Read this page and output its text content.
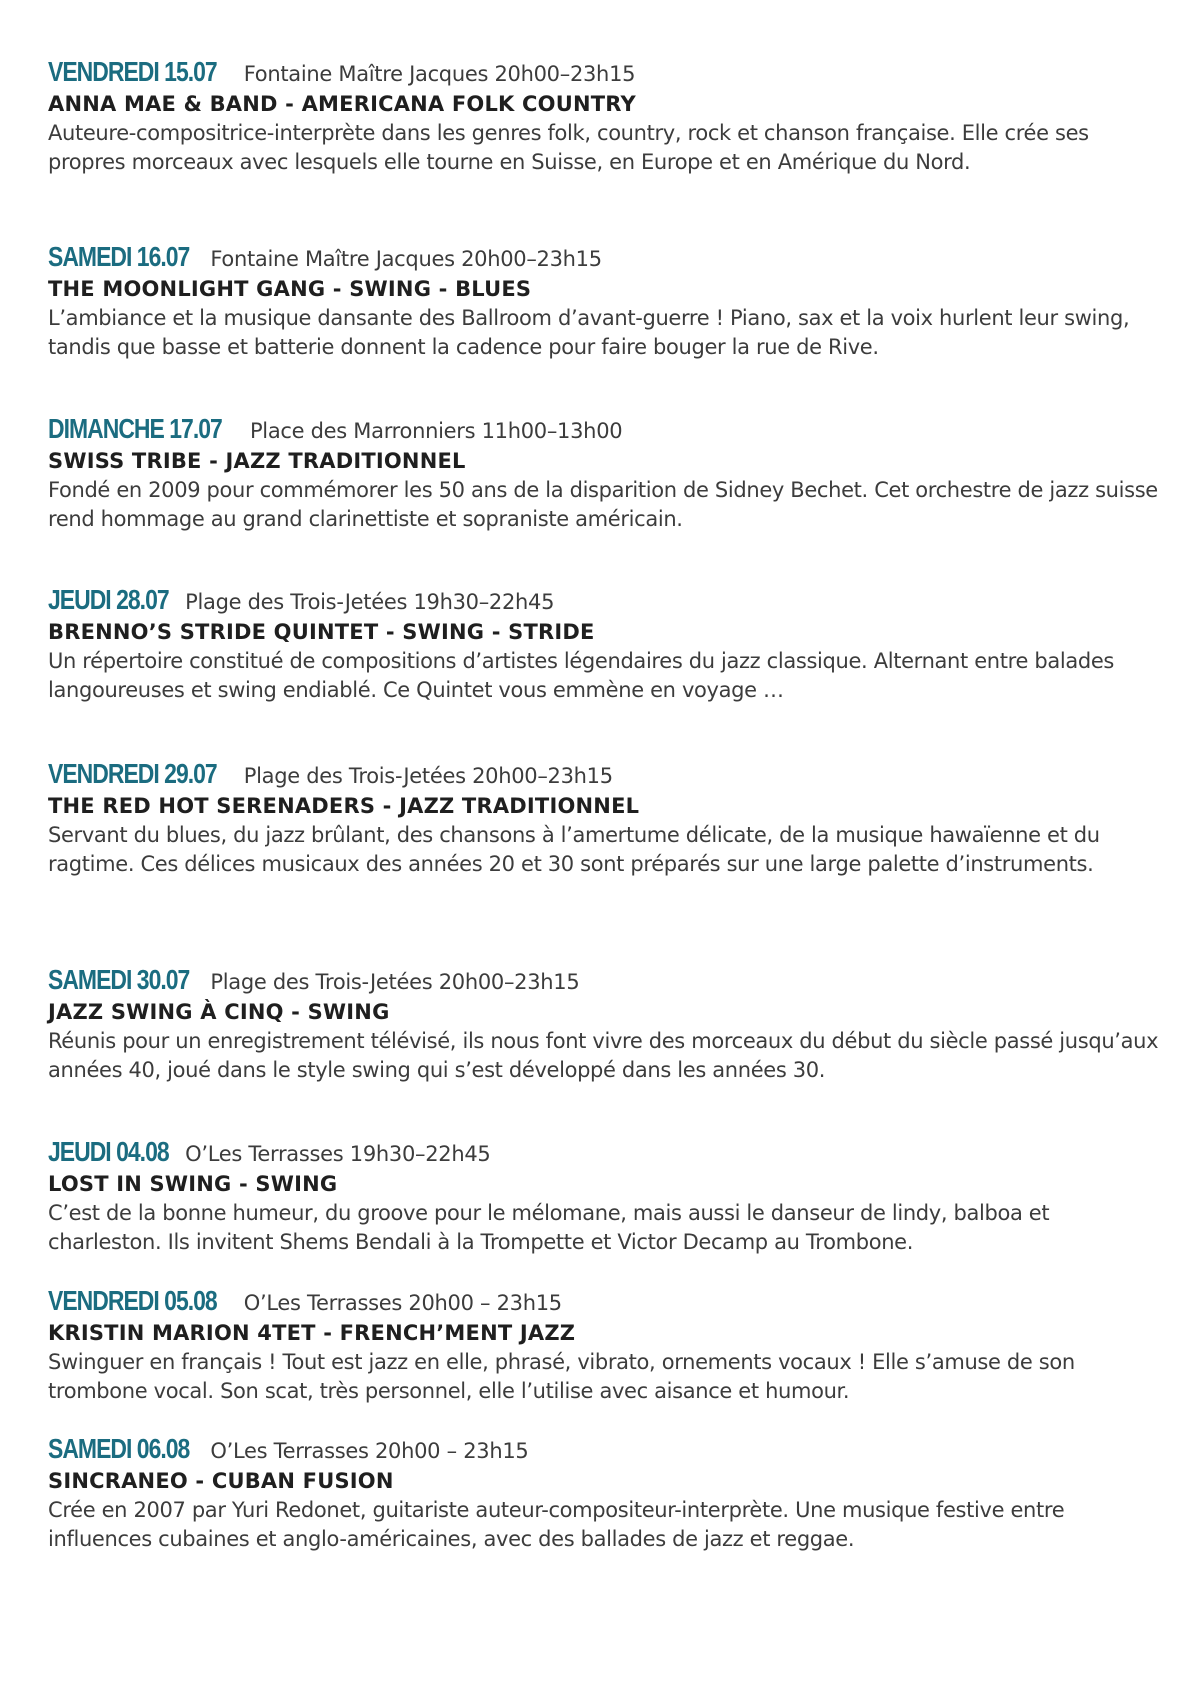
VENDREDI 15.07 Fontaine Maître Jacques 20h00–23h15

ANNA MAE & BAND - AMERICANA FOLK COUNTRY

Auteure-compositrice-interprète dans les genres folk, country, rock et chanson française. Elle crée ses propres morceaux avec lesquels elle tourne en Suisse, en Europe et en Amérique du Nord.

SAMEDI 16.07 Fontaine Maître Jacques 20h00–23h15

THE MOONLIGHT GANG - SWING - BLUES

L’ambiance et la musique dansante des Ballroom d’avant-guerre ! Piano, sax et la voix hurlent leur swing, tandis que basse et batterie donnent la cadence pour faire bouger la rue de Rive.

DIMANCHE 17.07 Place des Marronniers 11h00–13h00

SWISS TRIBE - JAZZ TRADITIONNEL

Fondé en 2009 pour commémorer les 50 ans de la disparition de Sidney Bechet. Cet orchestre de jazz suisse rend hommage au grand clarinettiste et sopraniste américain.

JEUDI 28.07 Plage des Trois-Jetées 19h30–22h45

BRENNO’S STRIDE QUINTET - SWING - STRIDE

Un répertoire constitué de compositions d’artistes légendaires du jazz classique. Alternant entre balades langoureuses et swing endiablé. Ce Quintet vous emmène en voyage …

VENDREDI 29.07 Plage des Trois-Jetées 20h00–23h15

THE RED HOT SERENADERS - JAZZ TRADITIONNEL

Servant du blues, du jazz brûlant, des chansons à l’amertume délicate, de la musique hawaïenne et du ragtime. Ces délices musicaux des années 20 et 30 sont préparés sur une large palette d’instruments.

SAMEDI 30.07 Plage des Trois-Jetées 20h00–23h15

JAZZ SWING À CINQ - SWING

Réunis pour un enregistrement télévisé, ils nous font vivre des morceaux du début du siècle passé jusqu’aux années 40, joué dans le style swing qui s’est développé dans les années 30.

JEUDI 04.08 O’Les Terrasses 19h30–22h45

LOST IN SWING - SWING

C’est de la bonne humeur, du groove pour le mélomane, mais aussi le danseur de lindy, balboa et charleston. Ils invitent Shems Bendali à la Trompette et Victor Decamp au Trombone.

VENDREDI 05.08 O’Les Terrasses 20h00 – 23h15

KRISTIN MARION 4TET - FRENCH’MENT JAZZ

Swinguer en français ! Tout est jazz en elle, phrasé, vibrato, ornements vocaux ! Elle s’amuse de son trombone vocal. Son scat, très personnel, elle l’utilise avec aisance et humour.

SAMEDI 06.08 O’Les Terrasses 20h00 – 23h15

SINCRANEO - CUBAN FUSION

Crée en 2007 par Yuri Redonet, guitariste auteur-compositeur-interprète. Une musique festive entre influences cubaines et anglo-américaines, avec des ballades de jazz et reggae.
